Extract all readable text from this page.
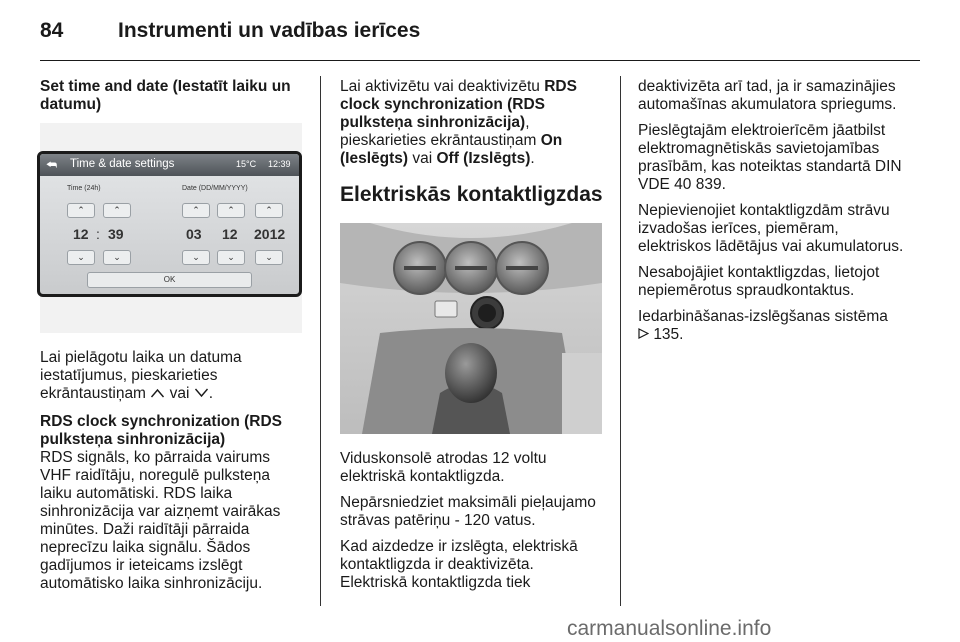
84	Instrumenti un vadības ierīces

Set time and date (Iestatīt laiku un datumu)

⮪ Time & date settings	15°C 12:39
Time (24h)	Date (DD/MM/YYYY)
⌃	⌃	⌃	⌃	⌃
12 : 39	03 12 2012
⌄	⌄	⌄	⌄	⌄
OK

Lai pielāgotu laika un datuma iestatījumus, pieskarieties ekrāntaustiņam vai .

RDS clock synchronization (RDS pulksteņa sinhronizācija)

RDS signāls, ko pārraida vairums VHF raidītāju, noregulē pulksteņa laiku automātiski. RDS laika sinhronizācija var aizņemt vairākas minūtes. Daži raidītāji pārraida neprecīzu laika signālu. Šādos gadījumos ir ieteicams izslēgt automātisko laika sinhronizāciju.

Lai aktivizētu vai deaktivizētu RDS clock synchronization (RDS pulksteņa sinhronizācija), pieskarieties ekrāntaustiņam On (Ieslēgts) vai Off (Izslēgts).

Elektriskās kontaktligzdas

Viduskonsolē atrodas 12 voltu elektriskā kontaktligzda.

Nepārsniedziet maksimāli pieļaujamo strāvas patēriņu - 120 vatus.

Kad aizdedze ir izslēgta, elektriskā kontaktligzda ir deaktivizēta. Elektriskā kontaktligzda tiek

deaktivizēta arī tad, ja ir samazinājies automašīnas akumulatora spriegums.

Pieslēgtajām elektroierīcēm jāatbilst elektromagnētiskās savietojamības prasībām, kas noteiktas standartā DIN VDE 40 839.

Nepievienojiet kontaktligzdām strāvu izvadošas ierīces, piemēram, elektriskos lādētājus vai akumulatorus.

Nesabojājiet kontaktligzdas, lietojot nepiemērotus spraudkontaktus.

Iedarbināšanas-izslēgšanas sistēma
135.

carmanualsonline.info
